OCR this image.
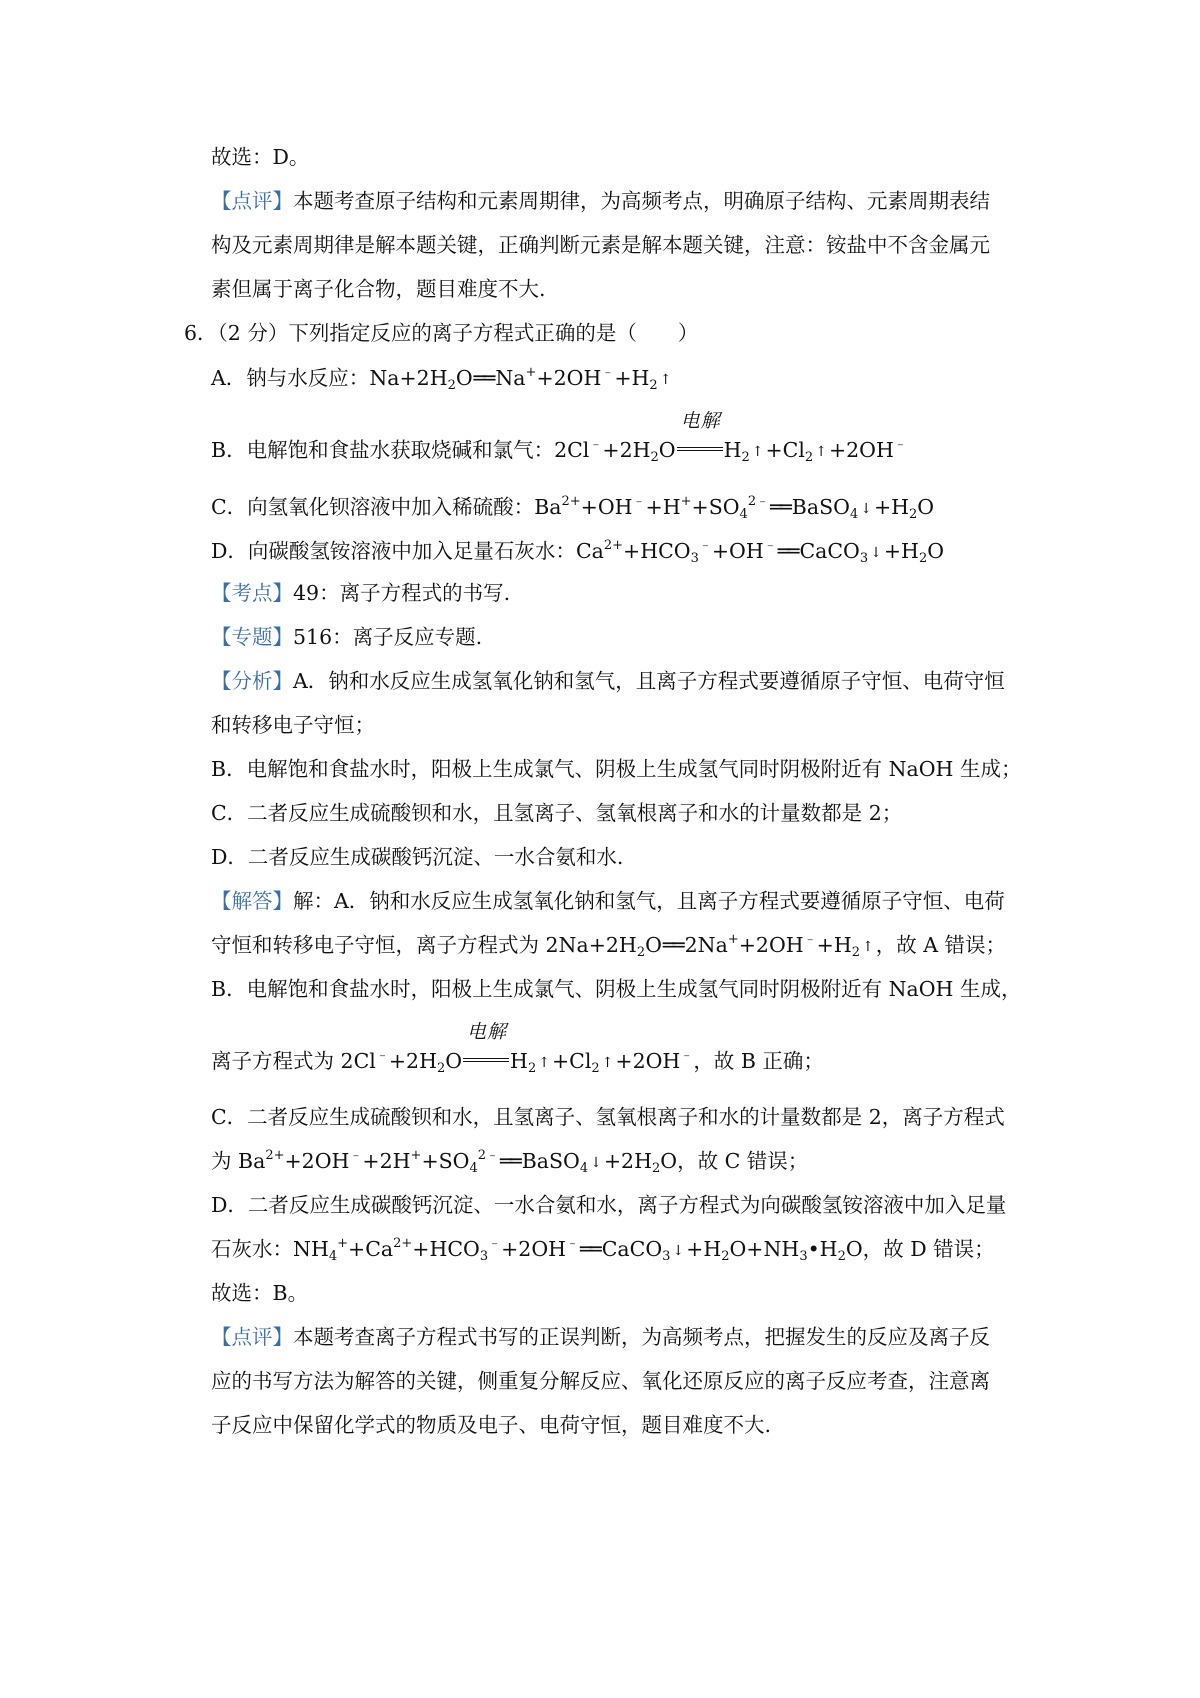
故选：D。
【点评】本题考查原子结构和元素周期律，为高频考点，明确原子结构、元素周期表结
构及元素周期律是解本题关键，正确判断元素是解本题关键，注意：铵盐中不含金属元
素但属于离子化合物，题目难度不大.
6．（2 分）下列指定反应的离子方程式正确的是（　　）
A．钠与水反应：$Na+2H_2O══$ $Na^++2OH^﹣+H_2$ ↑
B．电解饱和食盐水获取烧碱和氯气：$2Cl^﹣+2H_2O$
电解
$H_2$ $↑+Cl_2$ ↑+2OH﹣
C．向氢氧化钡溶液中加入稀硫酸：$Ba^{2+}+OH^﹣+H^++SO_4^{2﹣}══$ BaSO$_4$ $↓+H_2O$
D．向碳酸氢铵溶液中加入足量石灰水：$Ca^{2+}+HCO_3^﹣+OH^﹣══$ CaCO$_3$ $↓+H_2O$
【考点】49：离子方程式的书写.
【专题】516：离子反应专题.
【分析】A．钠和水反应生成氢氧化钠和氢气，且离子方程式要遵循原子守恒、电荷守恒
和转移电子守恒；
B．电解饱和食盐水时，阳极上生成氯气、阴极上生成氢气同时阴极附近有 NaOH 生成；
C．二者反应生成硫酸钡和水，且氢离子、氢氧根离子和水的计量数都是 2；
D．二者反应生成碳酸钙沉淀、一水合氨和水.
【解答】解：A．钠和水反应生成氢氧化钠和氢气，且离子方程式要遵循原子守恒、电荷
守恒和转移电子守恒，离子方程式为 $2Na+2H_2O══$ $2Na^++2OH^﹣+H_2$ ↑，故 A 错误；
B．电解饱和食盐水时，阳极上生成氯气、阴极上生成氢气同时阴极附近有 NaOH 生成，
离子方程式为 $2Cl^﹣+2H_2O$
电解
$H_2$ $↑+Cl_2$ ↑+2OH﹣，故 B 正确；
C．二者反应生成硫酸钡和水，且氢离子、氢氧根离子和水的计量数都是 2，离子方程式
为 $Ba^{2+}+2OH^﹣+2H^++SO_4^{2﹣}══$ BaSO$_4$ $↓+2H_2O$，故 C 错误；
D．二者反应生成碳酸钙沉淀、一水合氨和水，离子方程式为向碳酸氢铵溶液中加入足量
石灰水：$NH_4^++Ca^{2+}+HCO_3^﹣+2OH^﹣══$ CaCO$_3$ $↓+H_2O+NH_3•H_2O$，故 D 错误；
故选：B。
【点评】本题考查离子方程式书写的正误判断，为高频考点，把握发生的反应及离子反
应的书写方法为解答的关键，侧重复分解反应、氧化还原反应的离子反应考查，注意离
子反应中保留化学式的物质及电子、电荷守恒，题目难度不大.
